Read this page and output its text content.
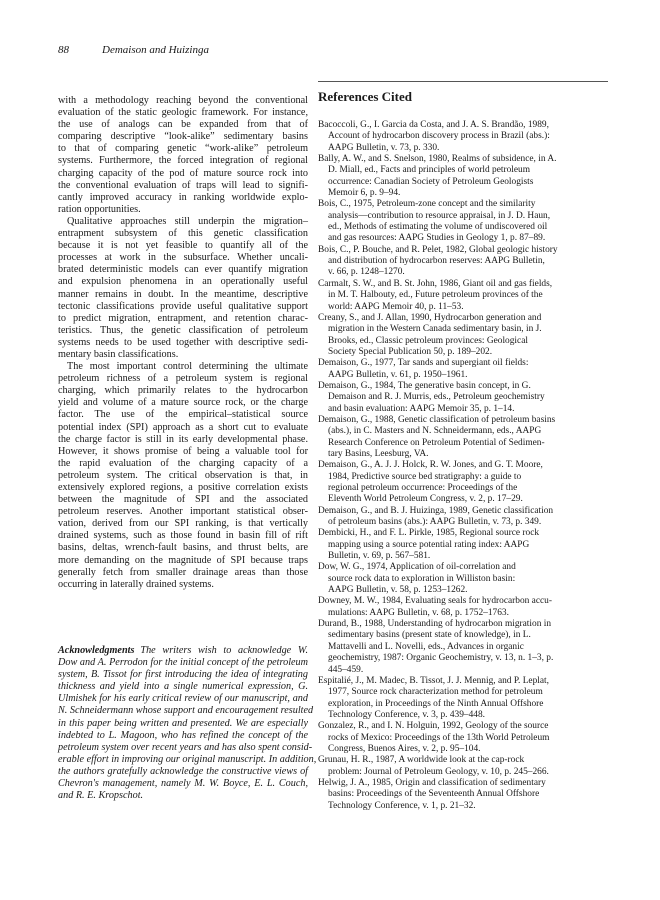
88	Demaison and Huizinga
with a methodology reaching beyond the conventional
evaluation of the static geologic framework. For instance,
the use of analogs can be expanded from that of
comparing descriptive “look-alike” sedimentary basins
to that of comparing genetic “work-alike” petroleum
systems. Furthermore, the forced integration of regional
charging capacity of the pod of mature source rock into
the conventional evaluation of traps will lead to signifi-
cantly improved accuracy in ranking worldwide explo-
ration opportunities.
Qualitative approaches still underpin the migration–
entrapment subsystem of this genetic classification
because it is not yet feasible to quantify all of the
processes at work in the subsurface. Whether uncali-
brated deterministic models can ever quantify migration
and expulsion phenomena in an operationally useful
manner remains in doubt. In the meantime, descriptive
tectonic classifications provide useful qualitative support
to predict migration, entrapment, and retention charac-
teristics. Thus, the genetic classification of petroleum
systems needs to be used together with descriptive sedi-
mentary basin classifications.
The most important control determining the ultimate
petroleum richness of a petroleum system is regional
charging, which primarily relates to the hydrocarbon
yield and volume of a mature source rock, or the charge
factor. The use of the empirical–statistical source
potential index (SPI) approach as a short cut to evaluate
the charge factor is still in its early developmental phase.
However, it shows promise of being a valuable tool for
the rapid evaluation of the charging capacity of a
petroleum system. The critical observation is that, in
extensively explored regions, a positive correlation exists
between the magnitude of SPI and the associated
petroleum reserves. Another important statistical obser-
vation, derived from our SPI ranking, is that vertically
drained systems, such as those found in basin fill of rift
basins, deltas, wrench-fault basins, and thrust belts, are
more demanding on the magnitude of SPI because traps
generally fetch from smaller drainage areas than those
occurring in laterally drained systems.
Acknowledgments The writers wish to acknowledge W.
Dow and A. Perrodon for the initial concept of the petroleum
system, B. Tissot for first introducing the idea of integrating
thickness and yield into a single numerical expression, G.
Ulmishek for his early critical review of our manuscript, and
N. Schneidermann whose support and encouragement resulted
in this paper being written and presented. We are especially
indebted to L. Magoon, who has refined the concept of the
petroleum system over recent years and has also spent consid-
erable effort in improving our original manuscript. In addition,
the authors gratefully acknowledge the constructive views of
Chevron's management, namely M. W. Boyce, E. L. Couch,
and R. E. Kropschot.
References Cited
Bacoccoli, G., I. Garcia da Costa, and J. A. S. Brandão, 1989,
Account of hydrocarbon discovery process in Brazil (abs.):
AAPG Bulletin, v. 73, p. 330.
Bally, A. W., and S. Snelson, 1980, Realms of subsidence, in A.
D. Miall, ed., Facts and principles of world petroleum
occurrence: Canadian Society of Petroleum Geologists
Memoir 6, p. 9–94.
Bois, C., 1975, Petroleum-zone concept and the similarity
analysis—contribution to resource appraisal, in J. D. Haun,
ed., Methods of estimating the volume of undiscovered oil
and gas resources: AAPG Studies in Geology 1, p. 87–89.
Bois, C., P. Bouche, and R. Pelet, 1982, Global geologic history
and distribution of hydrocarbon reserves: AAPG Bulletin,
v. 66, p. 1248–1270.
Carmalt, S. W., and B. St. John, 1986, Giant oil and gas fields,
in M. T. Halbouty, ed., Future petroleum provinces of the
world: AAPG Memoir 40, p. 11–53.
Creany, S., and J. Allan, 1990, Hydrocarbon generation and
migration in the Western Canada sedimentary basin, in J.
Brooks, ed., Classic petroleum provinces: Geological
Society Special Publication 50, p. 189–202.
Demaison, G., 1977, Tar sands and supergiant oil fields:
AAPG Bulletin, v. 61, p. 1950–1961.
Demaison, G., 1984, The generative basin concept, in G.
Demaison and R. J. Murris, eds., Petroleum geochemistry
and basin evaluation: AAPG Memoir 35, p. 1–14.
Demaison, G., 1988, Genetic classification of petroleum basins
(abs.), in C. Masters and N. Schneidermann, eds., AAPG
Research Conference on Petroleum Potential of Sedimen-
tary Basins, Leesburg, VA.
Demaison, G., A. J. J. Holck, R. W. Jones, and G. T. Moore,
1984, Predictive source bed stratigraphy: a guide to
regional petroleum occurrence: Proceedings of the
Eleventh World Petroleum Congress, v. 2, p. 17–29.
Demaison, G., and B. J. Huizinga, 1989, Genetic classification
of petroleum basins (abs.): AAPG Bulletin, v. 73, p. 349.
Dembicki, H., and F. L. Pirkle, 1985, Regional source rock
mapping using a source potential rating index: AAPG
Bulletin, v. 69, p. 567–581.
Dow, W. G., 1974, Application of oil-correlation and
source rock data to exploration in Williston basin:
AAPG Bulletin, v. 58, p. 1253–1262.
Downey, M. W., 1984, Evaluating seals for hydrocarbon accu-
mulations: AAPG Bulletin, v. 68, p. 1752–1763.
Durand, B., 1988, Understanding of hydrocarbon migration in
sedimentary basins (present state of knowledge), in L.
Mattavelli and L. Novelli, eds., Advances in organic
geochemistry, 1987: Organic Geochemistry, v. 13, n. 1–3, p.
445–459.
Espitalié, J., M. Madec, B. Tissot, J. J. Mennig, and P. Leplat,
1977, Source rock characterization method for petroleum
exploration, in Proceedings of the Ninth Annual Offshore
Technology Conference, v. 3, p. 439–448.
Gonzalez, R., and I. N. Holguin, 1992, Geology of the source
rocks of Mexico: Proceedings of the 13th World Petroleum
Congress, Buenos Aires, v. 2, p. 95–104.
Grunau, H. R., 1987, A worldwide look at the cap-rock
problem: Journal of Petroleum Geology, v. 10, p. 245–266.
Helwig, J. A., 1985, Origin and classification of sedimentary
basins: Proceedings of the Seventeenth Annual Offshore
Technology Conference, v. 1, p. 21–32.
